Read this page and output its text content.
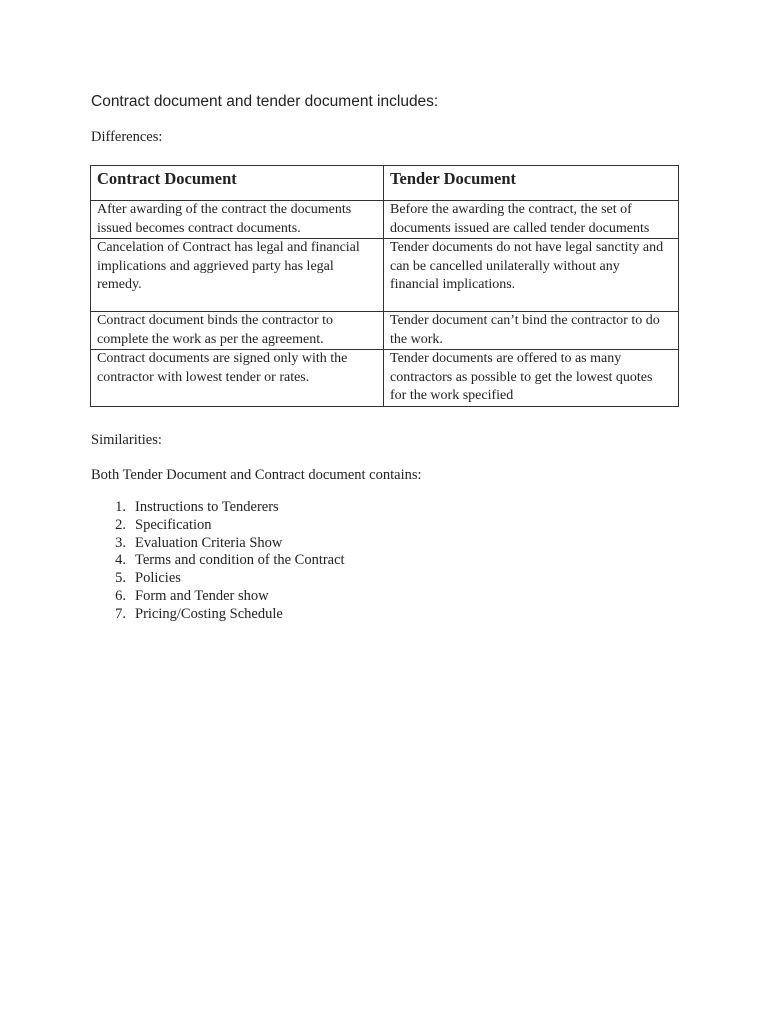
Contract document and tender document includes:
Differences:
Contract Document	Tender Document
After awarding of the contract the documents issued becomes contract documents.	Before the awarding the contract, the set of documents issued are called tender documents
Cancelation of Contract has legal and financial implications and aggrieved party has legal remedy.	Tender documents do not have legal sanctity and can be cancelled unilaterally without any financial implications.
Contract document binds the contractor to complete the work as per the agreement.	Tender document can’t bind the contractor to do the work.
Contract documents are signed only with the contractor with lowest tender or rates.	Tender documents are offered to as many contractors as possible to get the lowest quotes for the work specified
Similarities:
Both Tender Document and Contract document contains:
1. Instructions to Tenderers
2. Specification
3. Evaluation Criteria Show
4. Terms and condition of the Contract
5. Policies
6. Form and Tender show
7. Pricing/Costing Schedule
